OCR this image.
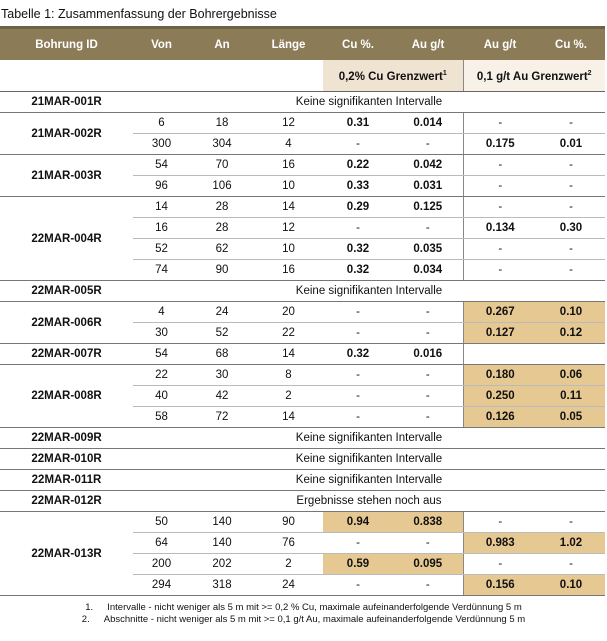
Tabelle 1: Zusammenfassung der Bohrergebnisse
Bohrung ID	Von	An	Länge	Cu %.	Au g/t	Au g/t	Cu %.
				0,2% Cu Grenzwert$^1$		0,1 g/t Au Grenzwert$^2$
21MAR-001R	Keine signifikanten Intervalle						
21MAR-002R	6	18	12	0.31	0.014	-	-
	300	304	4	-	-	0.175	0.01
21MAR-003R	54	70	16	0.22	0.042	-	-
	96	106	10	0.33	0.031	-	-
22MAR-004R	14	28	14	0.29	0.125	-	-
	16	28	12	-	-	0.134	0.30
	52	62	10	0.32	0.035	-	-
	74	90	16	0.32	0.034	-	-
22MAR-005R	Keine signifikanten Intervalle						
22MAR-006R	4	24	20	-	-	0.267	0.10
	30	52	22	-	-	0.127	0.12
22MAR-007R	54	68	14	0.32	0.016		
22MAR-008R	22	30	8	-	-	0.180	0.06
	40	42	2	-	-	0.250	0.11
	58	72	14	-	-	0.126	0.05
22MAR-009R	Keine signifikanten Intervalle						
22MAR-010R	Keine signifikanten Intervalle						
22MAR-011R	Keine signifikanten Intervalle						
22MAR-012R	Ergebnisse stehen noch aus						
22MAR-013R	50	140	90	0.94	0.838	-	-
	64	140	76	-	-	0.983	1.02
	200	202	2	0.59	0.095	-	-
	294	318	24	-	-	0.156	0.10
1. Intervalle - nicht weniger als 5 m mit >= 0,2 % Cu, maximale aufeinanderfolgende Verdünnung 5 m
2. Abschnitte - nicht weniger als 5 m mit >= 0,1 g/t Au, maximale aufeinanderfolgende Verdünnung 5 m
